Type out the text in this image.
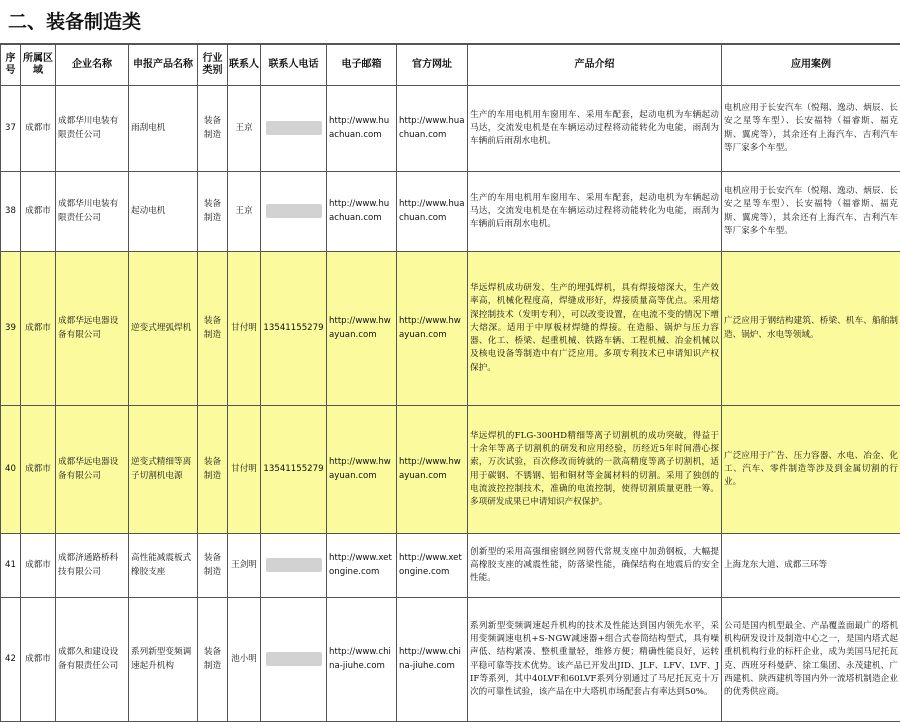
二、装备制造类
序号	所属区域	企业名称	申报产品名称	行业类别	联系人	联系人电话	电子邮箱	官方网址	产品介绍	应用案例
37	成都市	成都华川电装有限责任公司	雨刮电机	装备制造	王京		http://www.huachuan.com	http://www.huachuan.com	生产的车用电机用车窗用车、采用车配套，起动电机为车辆起动马达，交流发电机是在车辆运动过程将动能转化为电能，雨刮为车辆前后雨刮水电机。	电机应用于长安汽车（悦翔、逸动、炳辰、长安之星等车型）、长安福特（福睿斯、福克斯、翼虎等），其余还有上海汽车、吉利汽车等厂家多个车型。
38	成都市	成都华川电装有限责任公司	起动电机	装备制造	王京		http://www.huachuan.com	http://www.huachuan.com	生产的车用电机用车窗用车、采用车配套，起动电机为车辆起动马达，交流发电机是在车辆运动过程将动能转化为电能，雨刮为车辆前后雨刮水电机。	电机应用于长安汽车（悦翔、逸动、炳辰、长安之星等车型）、长安福特（福睿斯、福克斯、翼虎等），其余还有上海汽车、吉利汽车等厂家多个车型。
39	成都市	成都华远电器设备有限公司	逆变式埋弧焊机	装备制造	甘付明	13541155279	http://www.hwayuan.com	http://www.hwayuan.com	华远焊机成功研发、生产的埋弧焊机，具有焊接熔深大，生产效率高，机械化程度高，焊缝成形好，焊接质量高等优点。采用熔深控制技术（发明专利），可以改变设置，在电流不变的情况下增大熔深。适用于中厚板材焊缝的焊接。在造船、锅炉与压力容器、化工、桥梁、起重机械、铁路车辆、工程机械、冶金机械以及核电设备等制造中有广泛应用。多项专利技术已申请知识产权保护。	广泛应用于钢结构建筑、桥梁、机车、船舶制造、锅炉、水电等领域。
40	成都市	成都华远电器设备有限公司	逆变式精细等离子切割机电源	装备制造	甘付明	13541155279	http://www.hwayuan.com	http://www.hwayuan.com	华远焊机的FLG-300HD精细等离子切割机的成功突破，得益于十余年等离子切割机的研发和应用经验，历经近5年时间潜心探索，万次试验，百次修改而铸就的一款高精度等离子切割机，适用于碳钢、不锈钢、铝和铜材等金属材料的切割。采用了独创的电流波控控制技术，准确的电流控制，使得切割质量更胜一筹。多项研发成果已申请知识产权保护。	广泛应用于广告、压力容器、水电、冶金、化工、汽车、零件制造等涉及到金属切割的行业。
41	成都市	成都济通路桥科技有限公司	高性能减震板式橡胶支座	装备制造	王剑明		http://www.xetongine.com	http://www.xetongine.com	创新型的采用高强细密钢丝网替代常规支座中加劲钢板，大幅提高橡胶支座的减震性能，防落梁性能，确保结构在地震后的安全性能。	上海龙东大道、成都三环等
42	成都市	成都久和建设设备有限责任公司	系列新型变频调速起升机构	装备制造	池小明		http://www.china-jiuhe.com	http://www.china-jiuhe.com	系列新型变频调速起升机构的技术及性能达到国内领先水平，采用变频调速电机+S-NGW减速器+组合式卷筒结构型式，具有噪声低、结构紧凑、整机重量轻，维修方便；精确性能良好，运转平稳可靠等技术优势。该产品已开发出JID、JLF、LFV、LVF、JIF等系列，其中40LVF和60LVF系列分别通过了马尼托瓦克十万次的可靠性试验，该产品在中大塔机市场配套占有率达到50%。	公司是国内机型最全、产品覆盖面最广的塔机机构研发设计及制造中心之一，是国内塔式起重机机构行业的标杆企业，成为美国马尼托瓦克、西班牙科曼萨、徐工集团、永茂建机、广西建机、陕西建机等国内外一流塔机制造企业的优秀供应商。
